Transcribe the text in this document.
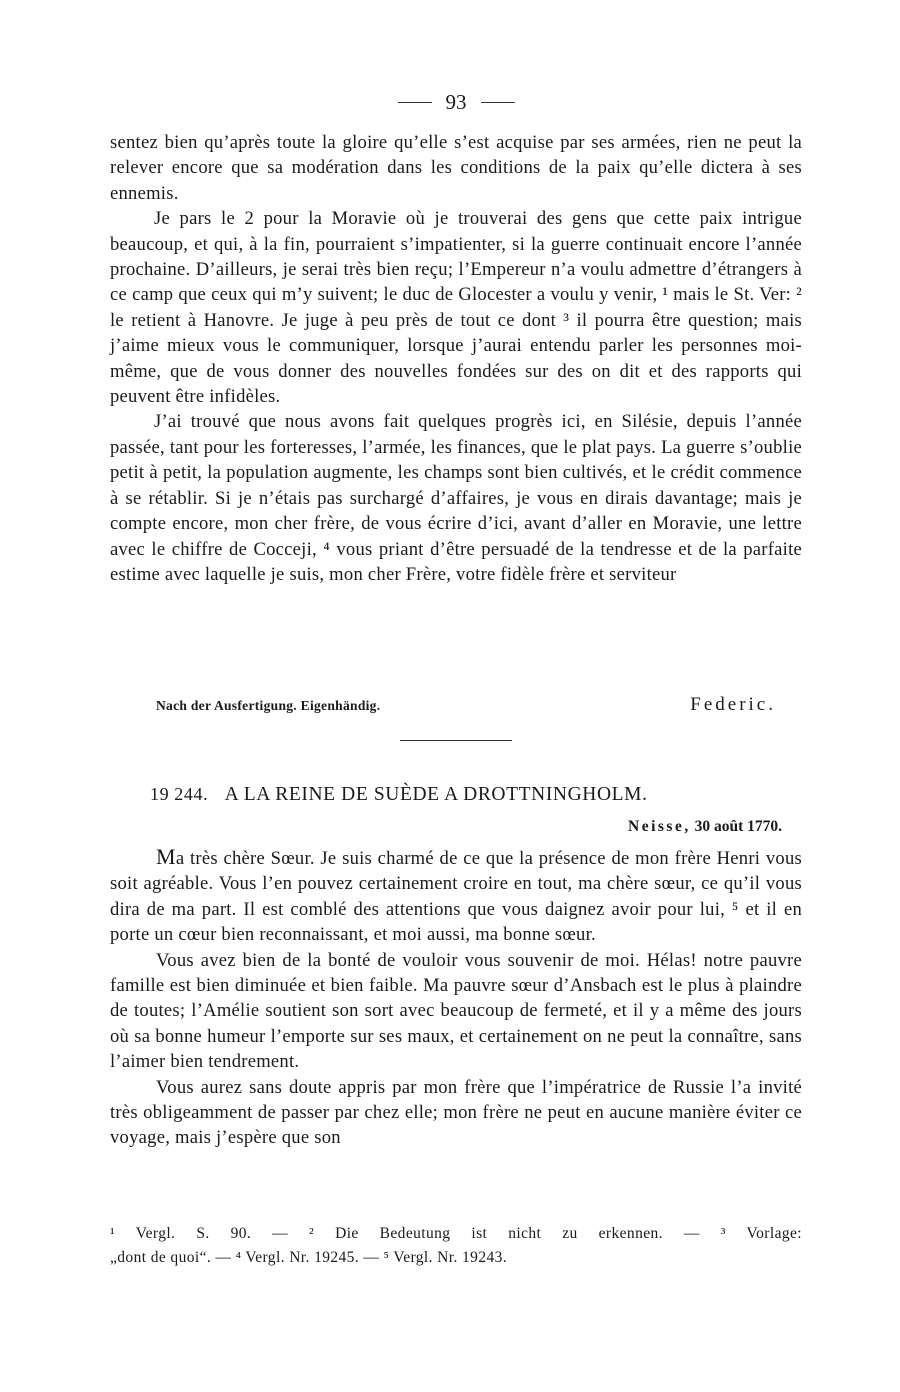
93

sentez bien qu’après toute la gloire qu’elle s’est acquise par ses armées, rien ne peut la relever encore que sa modération dans les conditions de la paix qu’elle dictera à ses ennemis.

Je pars le 2 pour la Moravie où je trouverai des gens que cette paix intrigue beaucoup, et qui, à la fin, pourraient s’impatienter, si la guerre continuait encore l’année prochaine. D’ailleurs, je serai très bien reçu; l’Empereur n’a voulu admettre d’étrangers à ce camp que ceux qui m’y suivent; le duc de Glocester a voulu y venir, ¹ mais le St. Ver: ² le retient à Hanovre. Je juge à peu près de tout ce dont ³ il pourra être question; mais j’aime mieux vous le communiquer, lorsque j’aurai entendu parler les personnes moi-même, que de vous donner des nouvelles fondées sur des on dit et des rapports qui peuvent être infidèles.

J’ai trouvé que nous avons fait quelques progrès ici, en Silésie, depuis l’année passée, tant pour les forteresses, l’armée, les finances, que le plat pays. La guerre s’oublie petit à petit, la population augmente, les champs sont bien cultivés, et le crédit commence à se rétablir. Si je n’étais pas surchargé d’affaires, je vous en dirais davantage; mais je compte encore, mon cher frère, de vous écrire d’ici, avant d’aller en Moravie, une lettre avec le chiffre de Cocceji, ⁴ vous priant d’être persuadé de la tendresse et de la parfaite estime avec laquelle je suis, mon cher Frère, votre fidèle frère et serviteur

Nach der Ausfertigung. Eigenhändig.	Federic.
19 244. A LA REINE DE SUÈDE A DROTTNINGHOLM.
Neisse, 30 août 1770.

Ma très chère Sœur. Je suis charmé de ce que la présence de mon frère Henri vous soit agréable. Vous l’en pouvez certainement croire en tout, ma chère sœur, ce qu’il vous dira de ma part. Il est comblé des attentions que vous daignez avoir pour lui, ⁵ et il en porte un cœur bien reconnaissant, et moi aussi, ma bonne sœur.

Vous avez bien de la bonté de vouloir vous souvenir de moi. Hélas! notre pauvre famille est bien diminuée et bien faible. Ma pauvre sœur d’Ansbach est le plus à plaindre de toutes; l’Amélie soutient son sort avec beaucoup de fermeté, et il y a même des jours où sa bonne humeur l’emporte sur ses maux, et certainement on ne peut la connaître, sans l’aimer bien tendrement.

Vous aurez sans doute appris par mon frère que l’impératrice de Russie l’a invité très obligeamment de passer par chez elle; mon frère ne peut en aucune manière éviter ce voyage, mais j’espère que son

¹ Vergl. S. 90. — ² Die Bedeutung ist nicht zu erkennen. — ³ Vorlage:
„dont de quoi“. — ⁴ Vergl. Nr. 19245. — ⁵ Vergl. Nr. 19243.
